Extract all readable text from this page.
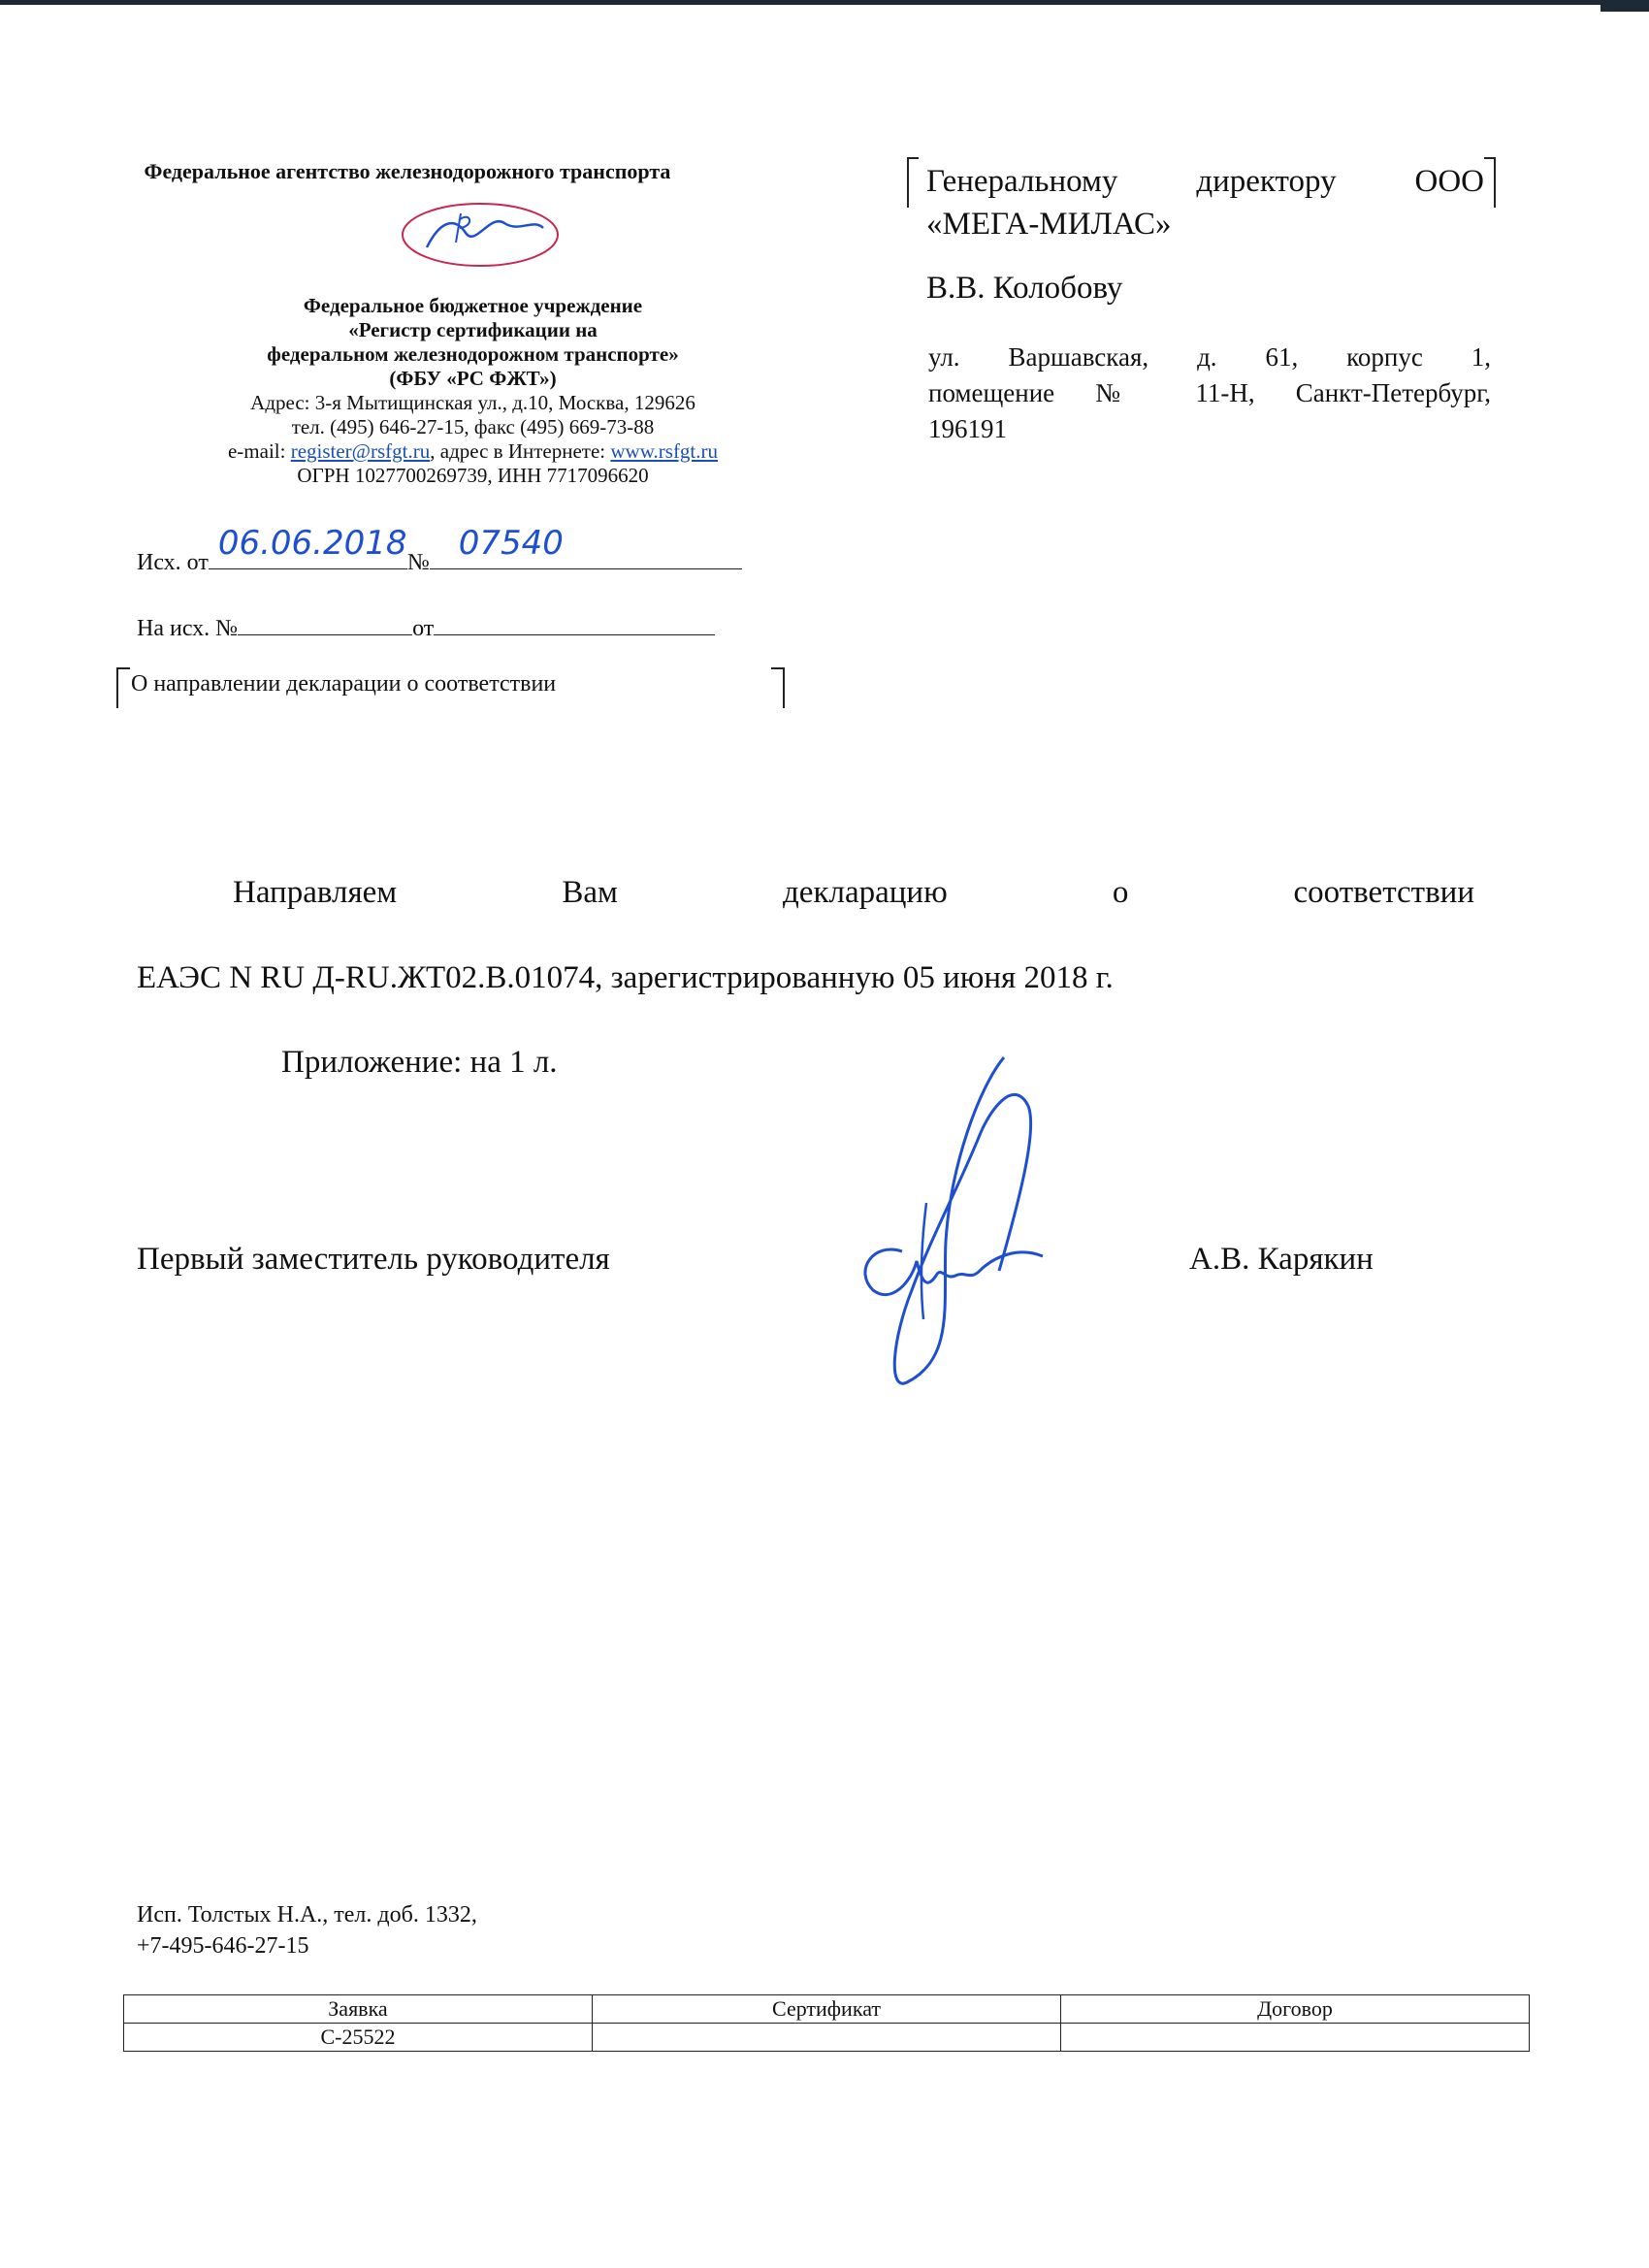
Федеральное агентство железнодорожного транспорта
Федеральное бюджетное учреждение
«Регистр сертификации на
федеральном железнодорожном транспорте»
(ФБУ «РС ФЖТ»)
Адрес: 3-я Мытищинская ул., д.10, Москва, 129626
тел. (495) 646-27-15, факс (495) 669-73-88
e-mail: register@rsfgt.ru, адрес в Интернете: www.rsfgt.ru
ОГРН 1027700269739, ИНН 7717096620
Исх. от 06.06.2018 № 07540
На исх. №	от
О направлении декларации о соответствии
Генеральному директору ООО
«МЕГА-МИЛАС»
В.В. Колобову
ул. Варшавская, д. 61, корпус 1,
помещение № 11-Н, Санкт-Петербург,
196191
Направляем Вам декларацию о соответствии
ЕАЭС N RU Д-RU.ЖТ02.В.01074, зарегистрированную 05 июня 2018 г.
Приложение: на 1 л.
Первый заместитель руководителя	А.В. Карякин
Исп. Толстых Н.А., тел. доб. 1332,
+7-495-646-27-15
Заявка	Сертификат	Договор
С-25522		
